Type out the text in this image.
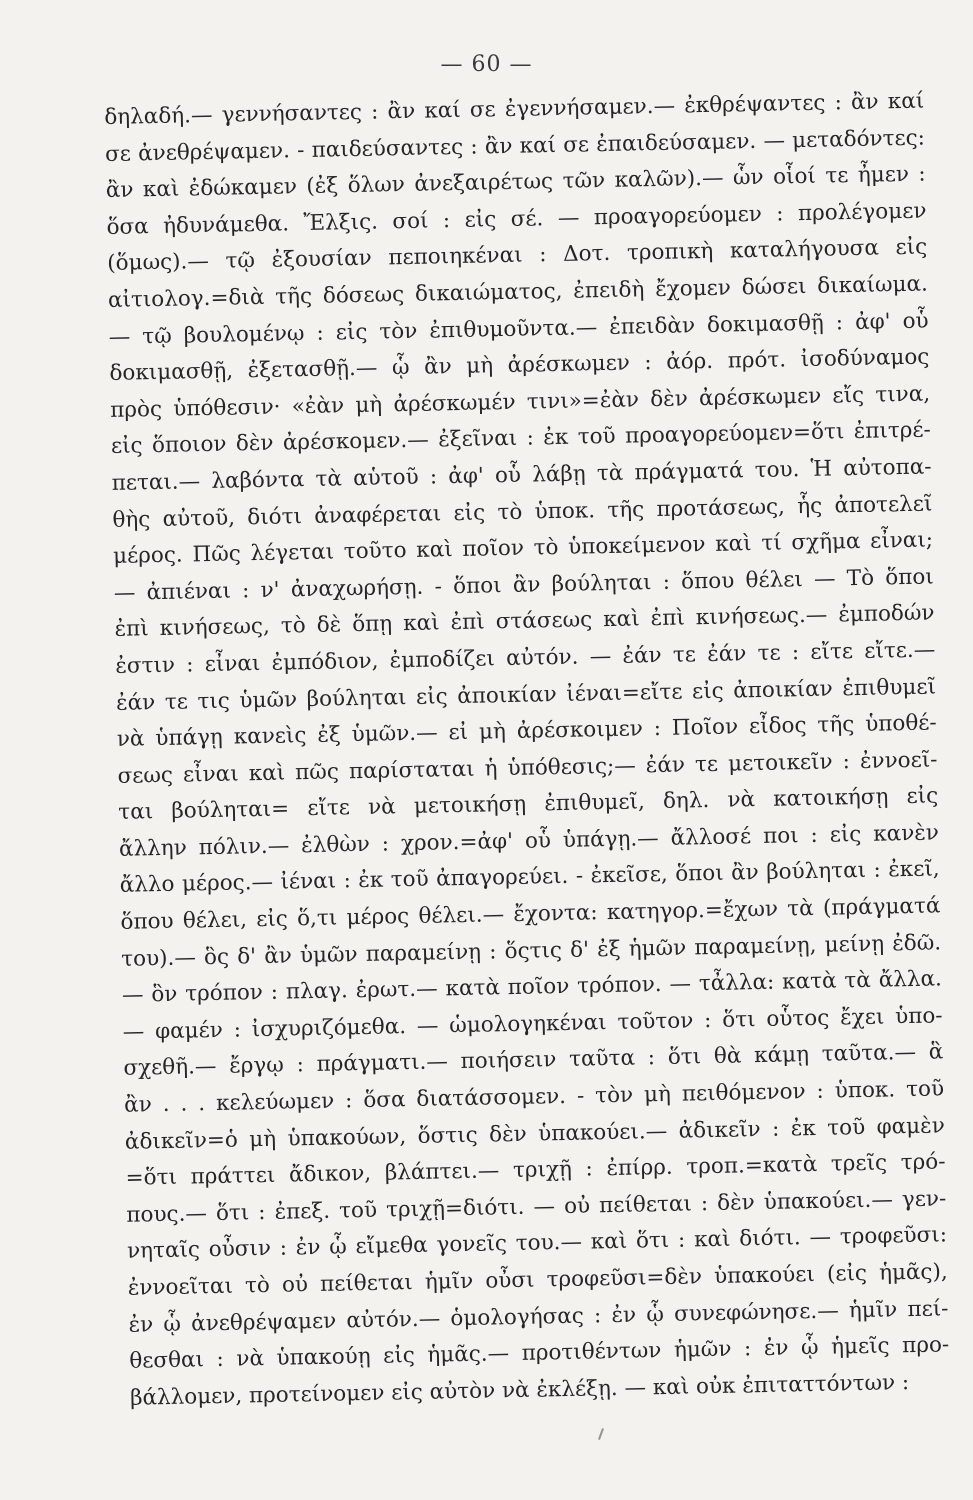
— 60 —
δηλαδή.— γεννήσαντες : ἂν καί σε ἐγεννήσαμεν.— ἐκθρέψαντες : ἂν καί
σε ἀνεθρέψαμεν. - παιδεύσαντες : ἂν καί σε ἐπαιδεύσαμεν. — μεταδόντες:
ἂν καὶ ἐδώκαμεν (ἐξ ὅλων ἀνεξαιρέτως τῶν καλῶν).— ὧν οἷοί τε ἦμεν :
ὅσα ἠδυνάμεθα. Ἔλξις. σοί : εἰς σέ. — προαγορεύομεν : προλέγομεν
(ὅμως).— τῷ ἐξουσίαν πεποιηκέναι : Δοτ. τροπικὴ καταλήγουσα εἰς
αἰτιολογ.=διὰ τῆς δόσεως δικαιώματος, ἐπειδὴ ἔχομεν δώσει δικαίωμα.
— τῷ βουλομένῳ : εἰς τὸν ἐπιθυμοῦντα.— ἐπειδὰν δοκιμασθῇ : ἀφ' οὗ
δοκιμασθῇ, ἐξετασθῇ.— ᾧ ἂν μὴ ἀρέσκωμεν : ἀόρ. πρότ. ἰσοδύναμος
πρὸς ὑπόθεσιν· «ἐὰν μὴ ἀρέσκωμέν τινι»=ἐὰν δὲν ἀρέσκωμεν εἴς τινα,
εἰς ὅποιον δὲν ἀρέσκομεν.— ἐξεῖναι : ἐκ τοῦ προαγορεύομεν=ὅτι ἐπιτρέ-
πεται.— λαβόντα τὰ αὑτοῦ : ἀφ' οὗ λάβῃ τὰ πράγματά του. Ἡ αὐτοπα-
θὴς αὐτοῦ, διότι ἀναφέρεται εἰς τὸ ὑποκ. τῆς προτάσεως, ἧς ἀποτελεῖ
μέρος. Πῶς λέγεται τοῦτο καὶ ποῖον τὸ ὑποκείμενον καὶ τί σχῆμα εἶναι;
— ἀπιέναι : ν' ἀναχωρήσῃ. - ὅποι ἂν βούληται : ὅπου θέλει — Τὸ ὅποι
ἐπὶ κινήσεως, τὸ δὲ ὅπῃ καὶ ἐπὶ στάσεως καὶ ἐπὶ κινήσεως.— ἐμποδών
ἐστιν : εἶναι ἐμπόδιον, ἐμποδίζει αὐτόν. — ἐάν τε ἐάν τε : εἴτε εἴτε.—
ἐάν τε τις ὑμῶν βούληται εἰς ἀποικίαν ἰέναι=εἴτε εἰς ἀποικίαν ἐπιθυμεῖ
νὰ ὑπάγῃ κανεὶς ἐξ ὑμῶν.— εἰ μὴ ἀρέσκοιμεν : Ποῖον εἶδος τῆς ὑποθέ-
σεως εἶναι καὶ πῶς παρίσταται ἡ ὑπόθεσις;— ἐάν τε μετοικεῖν : ἐννοεῖ-
ται βούληται= εἴτε νὰ μετοικήσῃ ἐπιθυμεῖ, δηλ. νὰ κατοικήσῃ εἰς
ἄλλην πόλιν.— ἐλθὼν : χρον.=ἀφ' οὗ ὑπάγῃ.— ἄλλοσέ ποι : εἰς κανὲν
ἄλλο μέρος.— ἰέναι : ἐκ τοῦ ἀπαγορεύει. - ἐκεῖσε, ὅποι ἂν βούληται : ἐκεῖ,
ὅπου θέλει, εἰς ὅ,τι μέρος θέλει.— ἔχοντα: κατηγορ.=ἔχων τὰ (πράγματά
του).— ὃς δ' ἂν ὑμῶν παραμείνῃ : ὅςτις δ' ἐξ ἡμῶν παραμείνῃ, μείνῃ ἐδῶ.
— ὃν τρόπον : πλαγ. ἐρωτ.— κατὰ ποῖον τρόπον. — τἆλλα: κατὰ τὰ ἄλλα.
— φαμέν : ἰσχυριζόμεθα. — ὡμολογηκέναι τοῦτον : ὅτι οὗτος ἔχει ὑπο-
σχεθῆ.— ἔργῳ : πράγματι.— ποιήσειν ταῦτα : ὅτι θὰ κάμῃ ταῦτα.— ἃ
ἂν . . . κελεύωμεν : ὅσα διατάσσομεν. - τὸν μὴ πειθόμενον : ὑποκ. τοῦ
ἀδικεῖν=ὁ μὴ ὑπακούων, ὅστις δὲν ὑπακούει.— ἀδικεῖν : ἐκ τοῦ φαμὲν
=ὅτι πράττει ἄδικον, βλάπτει.— τριχῇ : ἐπίρρ. τροπ.=κατὰ τρεῖς τρό-
πους.— ὅτι : ἐπεξ. τοῦ τριχῇ=διότι. — οὐ πείθεται : δὲν ὑπακούει.— γεν-
νηταῖς οὖσιν : ἐν ᾧ εἴμεθα γονεῖς του.— καὶ ὅτι : καὶ διότι. — τροφεῦσι:
ἐννοεῖται τὸ οὐ πείθεται ἡμῖν οὖσι τροφεῦσι=δὲν ὑπακούει (εἰς ἡμᾶς),
ἐν ᾧ ἀνεθρέψαμεν αὐτόν.— ὁμολογήσας : ἐν ᾧ συνεφώνησε.— ἡμῖν πεί-
θεσθαι : νὰ ὑπακούῃ εἰς ἡμᾶς.— προτιθέντων ἡμῶν : ἐν ᾧ ἡμεῖς προ-
βάλλομεν, προτείνομεν εἰς αὐτὸν νὰ ἐκλέξῃ. — καὶ οὐκ ἐπιταττόντων :
